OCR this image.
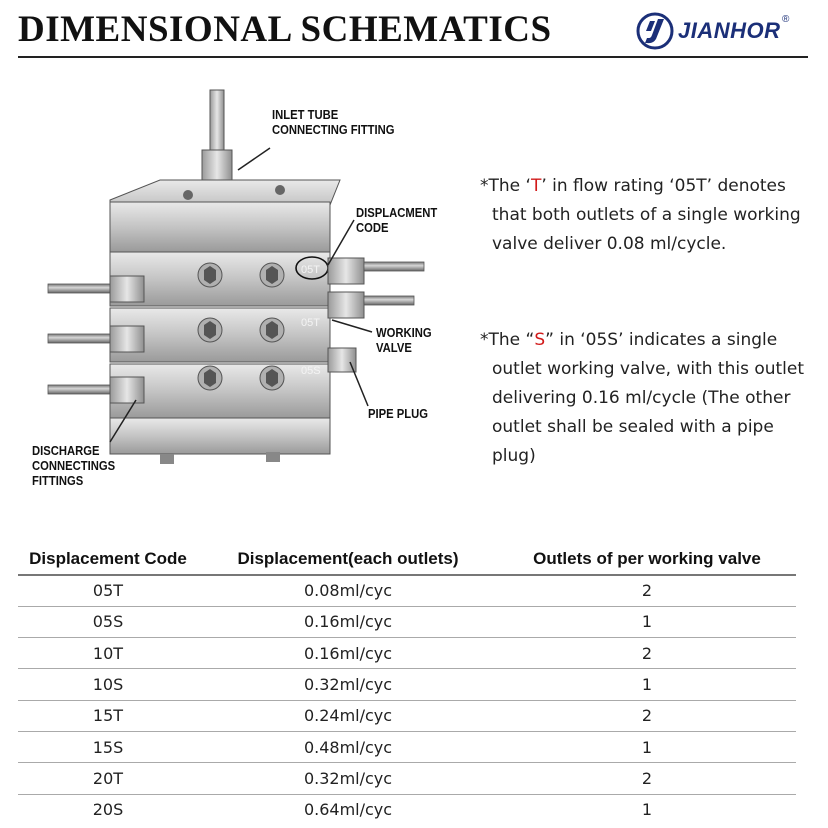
DIMENSIONAL SCHEMATICS	JIANHOR ®
05T
05T
05S
INLET TUBE
CONNECTING FITTING
DISPLACMENT
CODE
WORKING
VALVE
PIPE PLUG
DISCHARGE
CONNECTINGS
FITTINGS
*The ‘T’ in flow rating ‘05T’ denotes
that both outlets of a single working
valve deliver 0.08 ml/cycle.
*The “S” in ‘05S’ indicates a single
outlet working valve, with this outlet
delivering 0.16 ml/cycle (The other
outlet shall be sealed with a pipe
plug)
Displacement Code	Displacement(each outlets)	Outlets of per working valve
05T	0.08ml/cyc	2
05S	0.16ml/cyc	1
10T	0.16ml/cyc	2
10S	0.32ml/cyc	1
15T	0.24ml/cyc	2
15S	0.48ml/cyc	1
20T	0.32ml/cyc	2
20S	0.64ml/cyc	1
